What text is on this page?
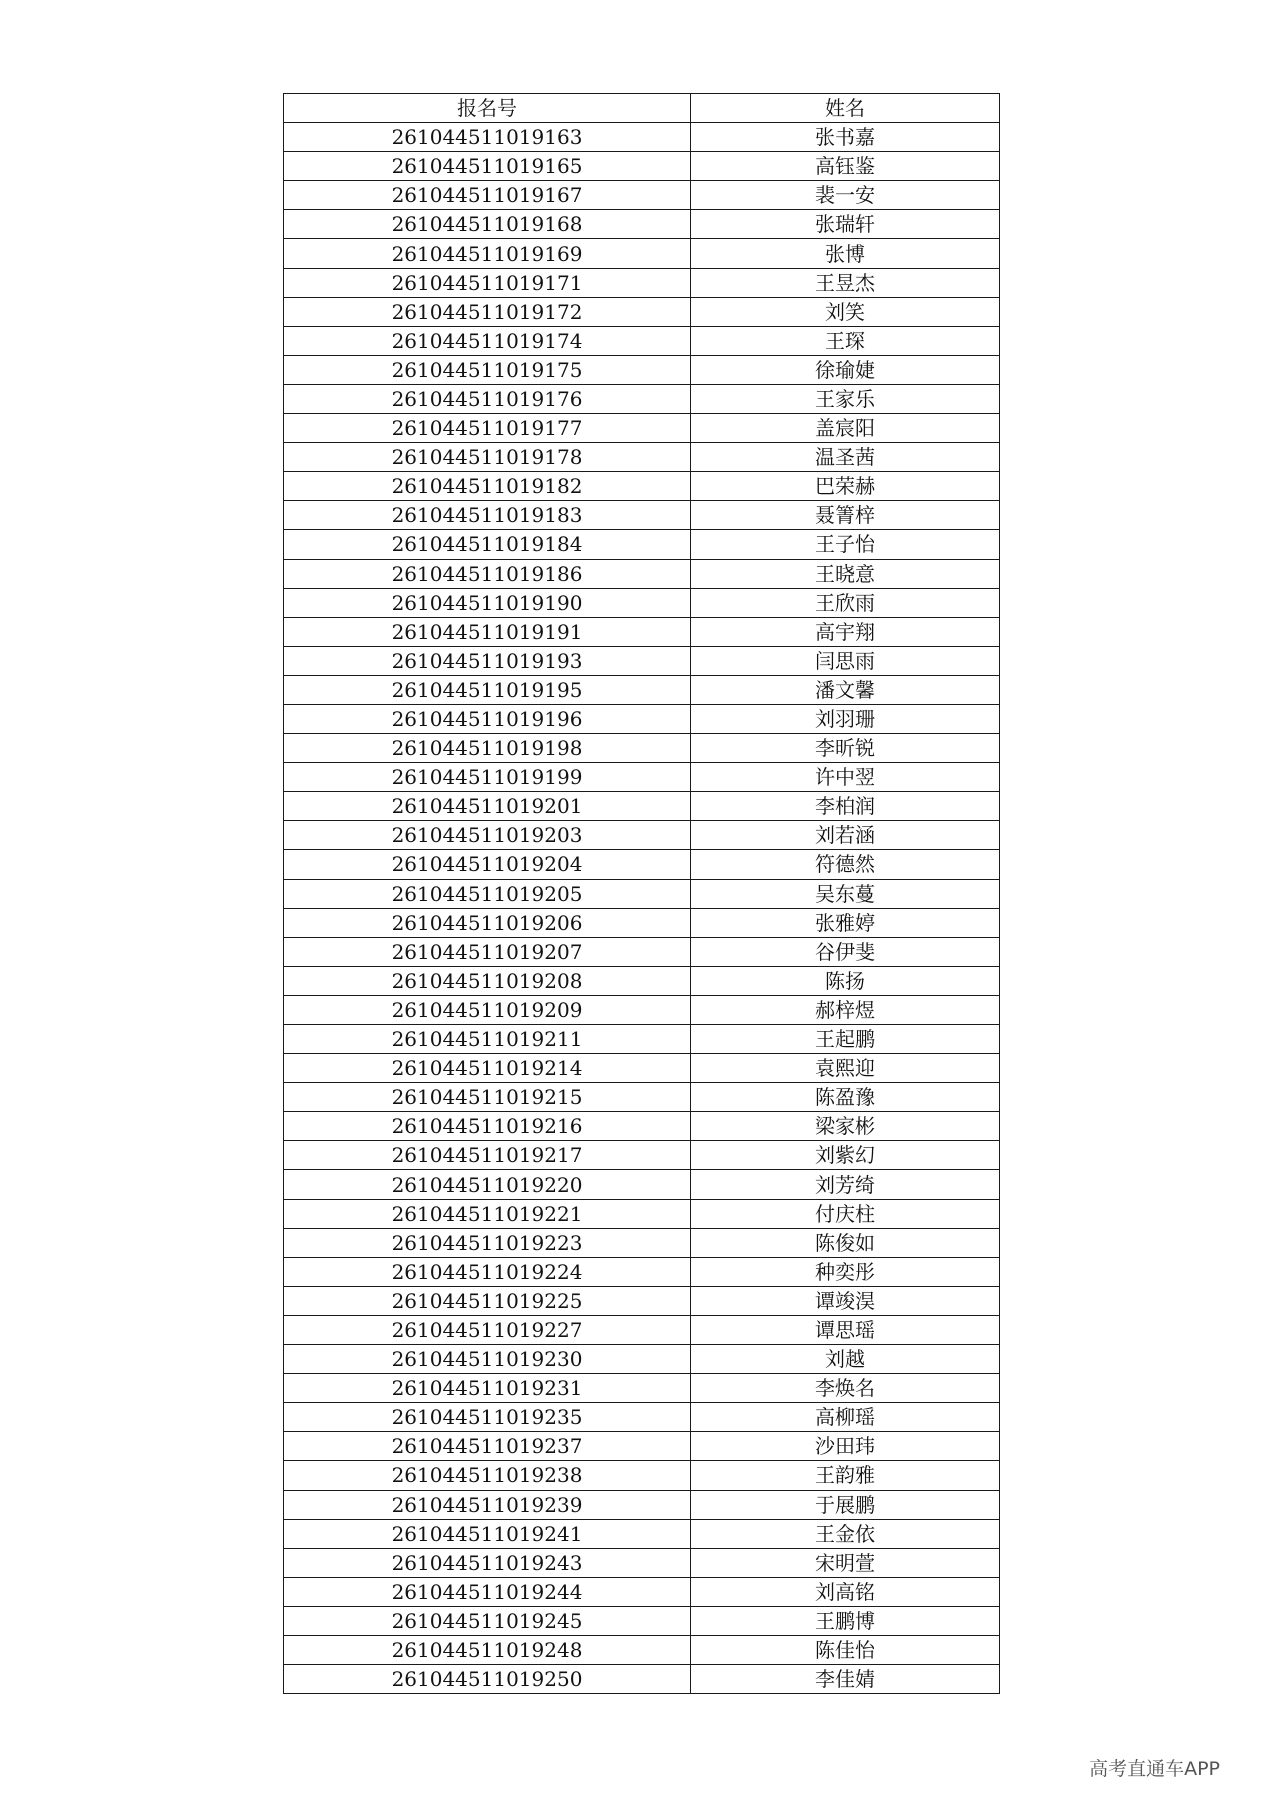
报名号	姓名
261044511019163	张书嘉
261044511019165	高钰鉴
261044511019167	裴一安
261044511019168	张瑞轩
261044511019169	张博
261044511019171	王昱杰
261044511019172	刘笑
261044511019174	王琛
261044511019175	徐瑜婕
261044511019176	王家乐
261044511019177	盖宸阳
261044511019178	温圣茜
261044511019182	巴荣赫
261044511019183	聂箐梓
261044511019184	王子怡
261044511019186	王晓意
261044511019190	王欣雨
261044511019191	高宇翔
261044511019193	闫思雨
261044511019195	潘文馨
261044511019196	刘羽珊
261044511019198	李昕锐
261044511019199	许中翌
261044511019201	李柏润
261044511019203	刘若涵
261044511019204	符德然
261044511019205	吴东蔓
261044511019206	张雅婷
261044511019207	谷伊斐
261044511019208	陈扬
261044511019209	郝梓煜
261044511019211	王起鹏
261044511019214	袁熙迎
261044511019215	陈盈豫
261044511019216	梁家彬
261044511019217	刘紫幻
261044511019220	刘芳绮
261044511019221	付庆柱
261044511019223	陈俊如
261044511019224	种奕彤
261044511019225	谭竣淏
261044511019227	谭思瑶
261044511019230	刘越
261044511019231	李焕名
261044511019235	高柳瑶
261044511019237	沙田玮
261044511019238	王韵雅
261044511019239	于展鹏
261044511019241	王金依
261044511019243	宋明萱
261044511019244	刘高铭
261044511019245	王鹏博
261044511019248	陈佳怡
261044511019250	李佳婧
高考直通车APP
